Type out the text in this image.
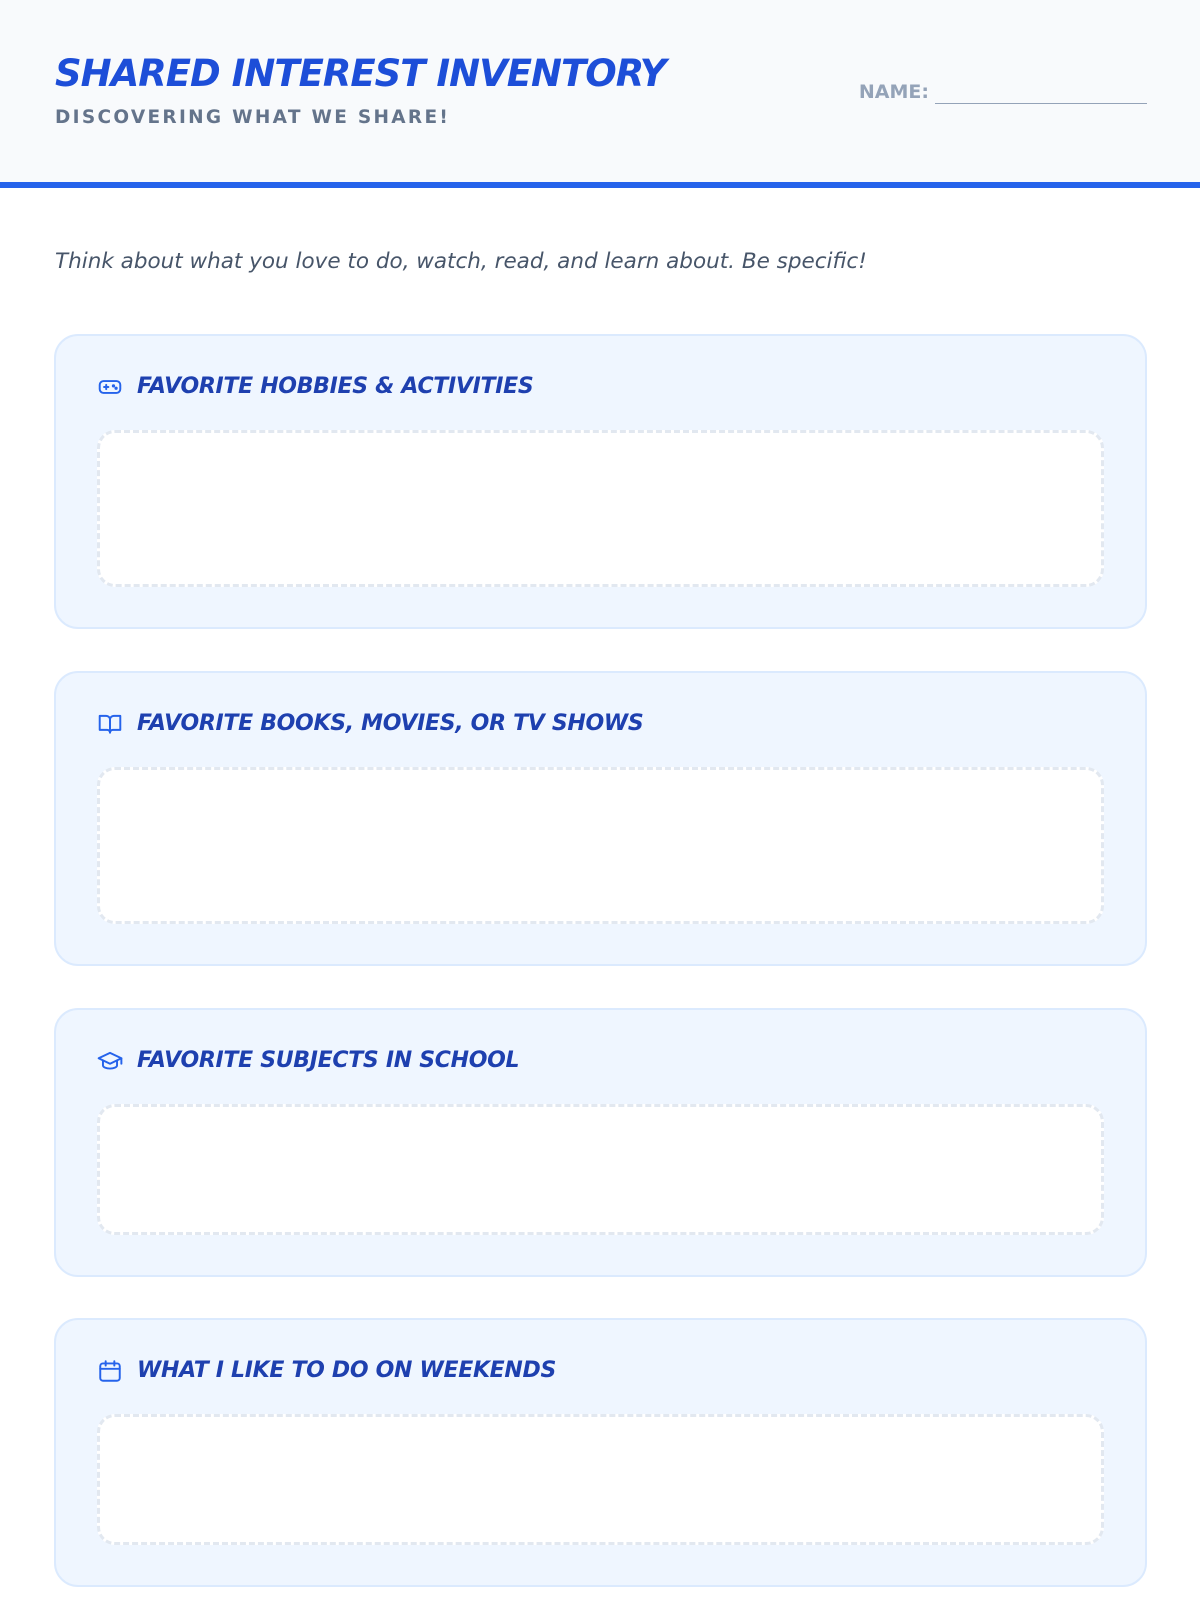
SHARED INTEREST INVENTORY
DISCOVERING WHAT WE SHARE!
NAME:

Think about what you love to do, watch, read, and learn about. Be specific!

FAVORITE HOBBIES & ACTIVITIES
FAVORITE BOOKS, MOVIES, OR TV SHOWS
FAVORITE SUBJECTS IN SCHOOL
WHAT I LIKE TO DO ON WEEKENDS
